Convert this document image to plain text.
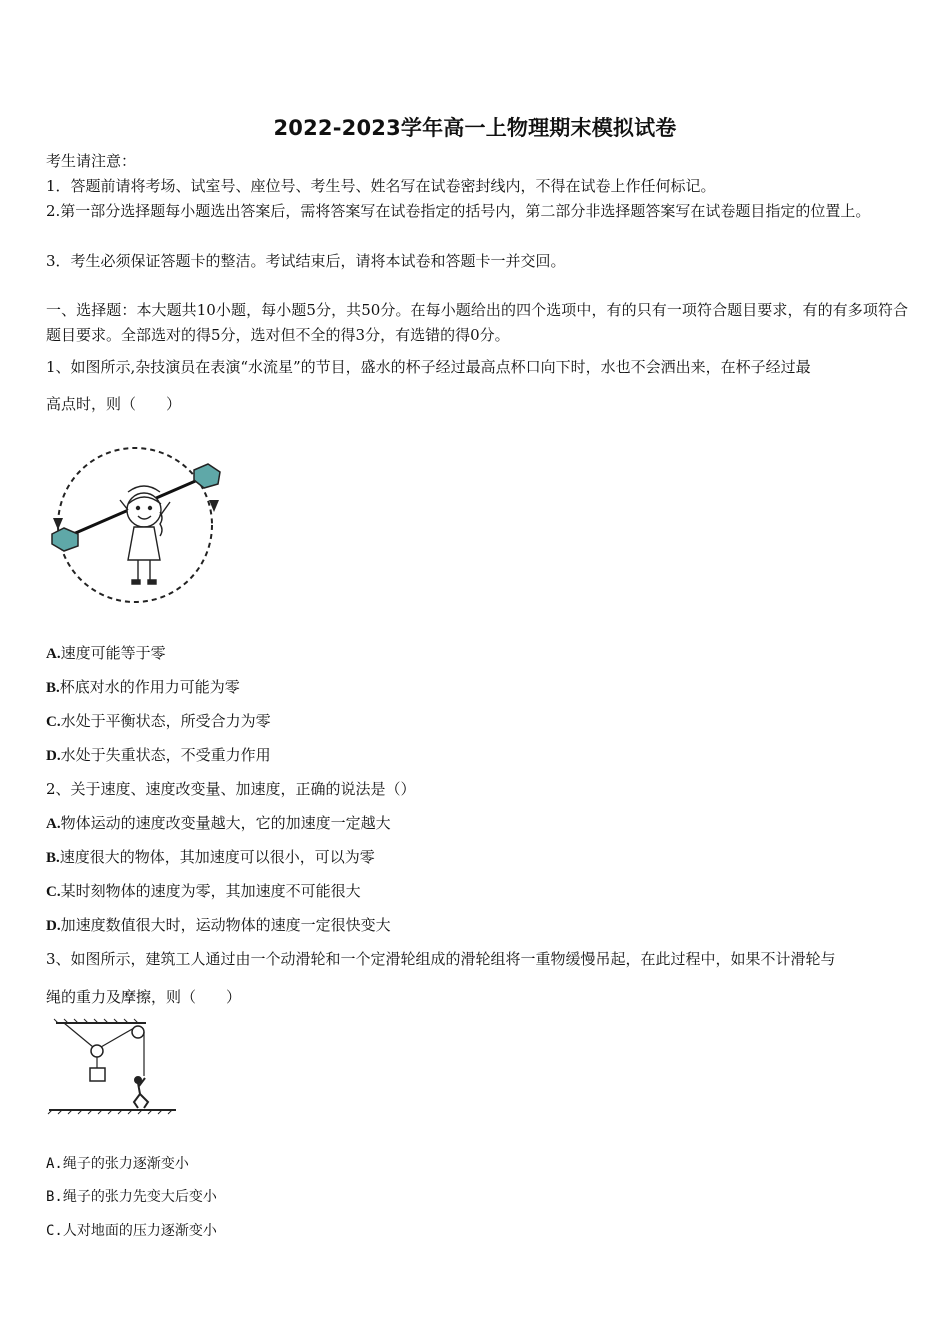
2022-2023学年高一上物理期末模拟试卷
考生请注意：
1．答题前请将考场、试室号、座位号、考生号、姓名写在试卷密封线内，不得在试卷上作任何标记。
2.第一部分选择题每小题选出答案后，需将答案写在试卷指定的括号内，第二部分非选择题答案写在试卷题目指定的位置上。
3．考生必须保证答题卡的整洁。考试结束后，请将本试卷和答题卡一并交回。
一、选择题：本大题共10小题，每小题5分，共50分。在每小题给出的四个选项中，有的只有一项符合题目要求，有的有多项符合题目要求。全部选对的得5分，选对但不全的得3分，有选错的得0分。
1、如图所示,杂技演员在表演“水流星”的节目，盛水的杯子经过最高点杯口向下时，水也不会洒出来，在杯子经过最
高点时，则（　　）
A.速度可能等于零
B.杯底对水的作用力可能为零
C.水处于平衡状态，所受合力为零
D.水处于失重状态，不受重力作用
2、关于速度、速度改变量、加速度，正确的说法是（）
A.物体运动的速度改变量越大，它的加速度一定越大
B.速度很大的物体，其加速度可以很小，可以为零
C.某时刻物体的速度为零，其加速度不可能很大
D.加速度数值很大时，运动物体的速度一定很快变大
3、如图所示，建筑工人通过由一个动滑轮和一个定滑轮组成的滑轮组将一重物缓慢吊起，在此过程中，如果不计滑轮与
绳的重力及摩擦，则（　　）
A.绳子的张力逐渐变小
B.绳子的张力先变大后变小
C.人对地面的压力逐渐变小
